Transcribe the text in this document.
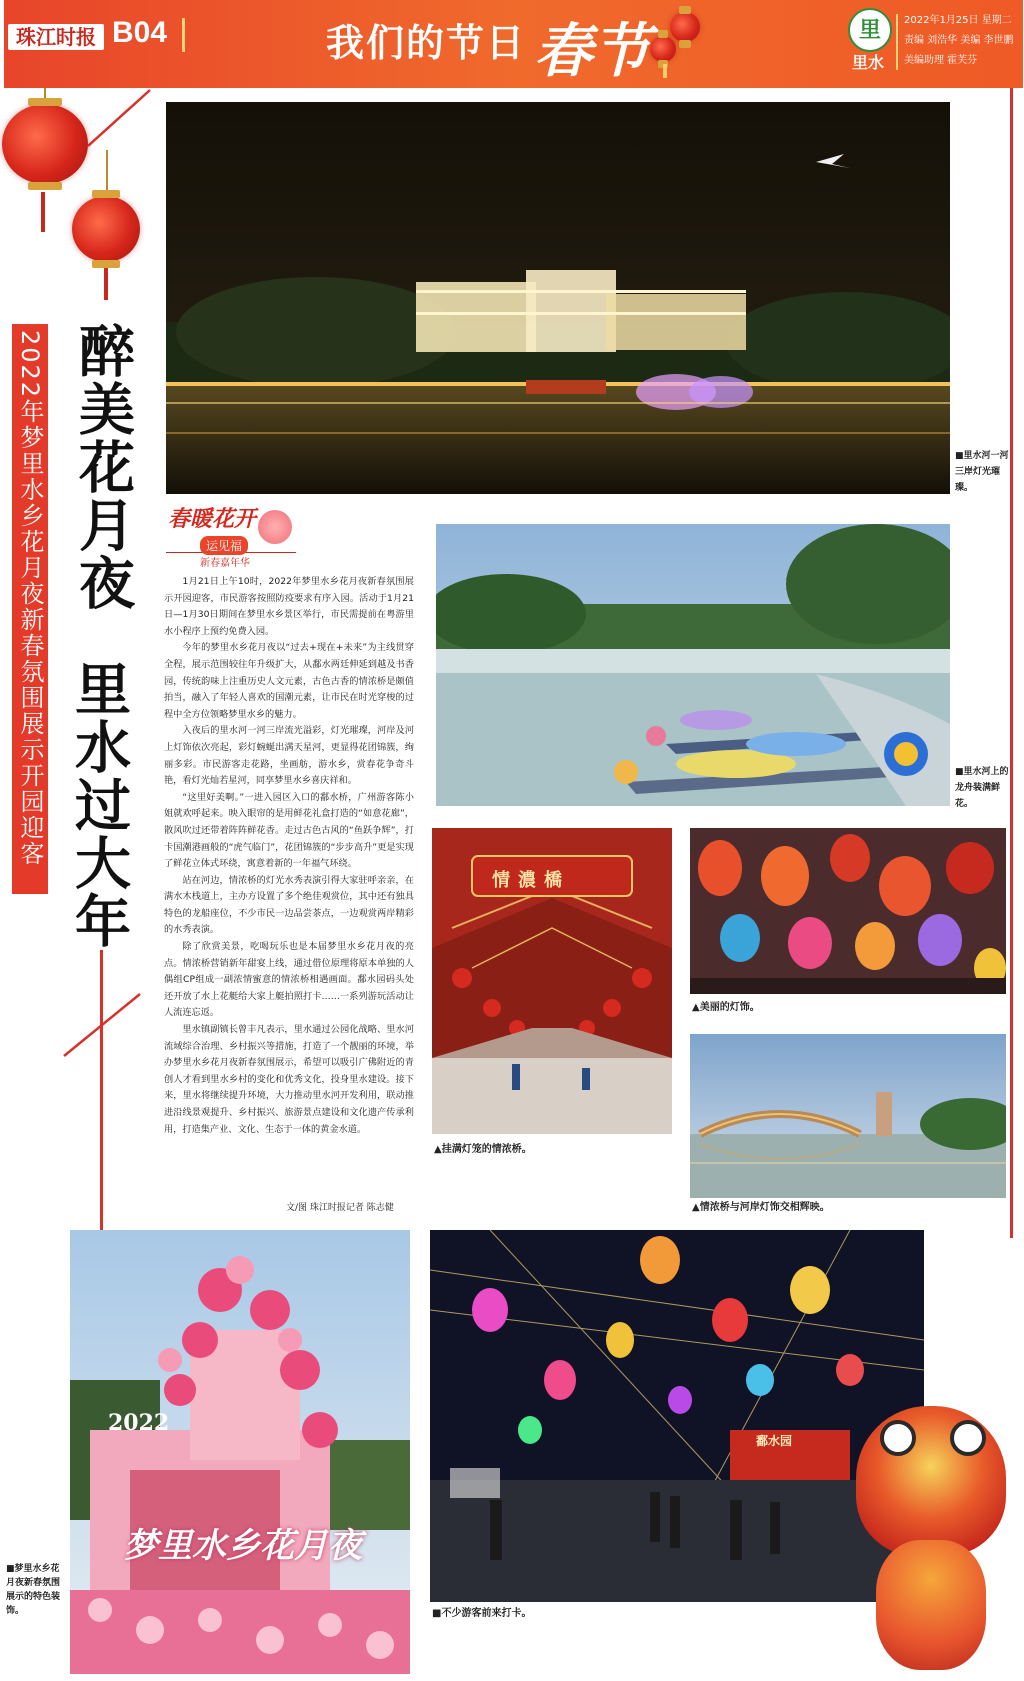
珠江时报 B04	我们的节日 春节	里
里水
2022年1月25日 星期二
责编 刘浩华 美编 李世鹏
美编助理 霍芙芬
2022年梦里水乡花月夜新春氛围展示开园迎客 醉美花月夜
里水过大年
■里水河一河三岸灯光璀璨。
春暖花开
运见福
新春嘉年华

1月21日上午10时，2022年梦里水乡花月夜新春氛围展示开园迎客，市民游客按照防疫要求有序入园。活动于1月21日—1月30日期间在梦里水乡景区举行，市民需提前在粤游里水小程序上预约免费入园。

今年的梦里水乡花月夜以“过去+现在+未来”为主线贯穿全程，展示范围较往年升级扩大，从鄱水两廷伸延到越及书香园，传统韵味上注重历史人文元素，古色古香的情浓桥是颇值拍当，融入了年轻人喜欢的国潮元素，让市民在时光穿梭的过程中全方位领略梦里水乡的魅力。

入夜后的里水河一河三岸流光溢彩，灯光璀璨，河岸及河上灯饰依次亮起，彩灯蜿蜒出满天星河，更显得花团锦簇，绚丽多彩。市民游客走花路，坐画舫，游水乡，赏春花争奇斗艳，看灯光灿若星河，同享梦里水乡喜庆祥和。

“这里好美啊。”一进入园区入口的鄱水桥，广州游客陈小姐就欢呼起来。映入眼帘的是用鲜花礼盒打造的“如意花廊”，散风吹过还带着阵阵鲜花香。走过古色古风的“鱼跃争辉”，打卡国潮港画般的“虎气临门”，花团锦簇的“步步高升”更是实现了鲜花立体式环绕，寓意着新的一年福气环绕。

站在河边，情浓桥的灯光水秀表演引得大家驻呼亲亲，在满水木栈道上，主办方设置了多个绝佳观赏位，其中还有独具特色的龙船座位，不少市民一边品尝茶点，一边观赏两岸精彩的水秀表演。

除了欣赏美景，吃喝玩乐也是本届梦里水乡花月夜的亮点。情浓桥营销新年甜宴上线，通过借位原理将原本单独的人偶组CP组成一副浓情蜜意的情浓桥相遇画面。鄱水园码头处还开放了水上花艇给大家上艇拍照打卡……一系列游玩活动让人流连忘返。

里水镇副镇长曾丰凡表示，里水通过公园化战略、里水河流域综合治理、乡村振兴等措施，打造了一个靓丽的环境，举办梦里水乡花月夜新春氛围展示，希望可以吸引广佛附近的青创人才看到里水乡村的变化和优秀文化，投身里水建设。接下来，里水将继续提升环境，大力推动里水河开发利用，联动推进沿线景观提升、乡村振兴、旅游景点建设和文化遗产传承利用，打造集产业、文化、生态于一体的黄金水道。

文/图 珠江时报记者 陈志健
■里水河上的龙舟装满鲜花。
情濃橋
▲挂满灯笼的情浓桥。
▲美丽的灯饰。
▲情浓桥与河岸灯饰交相辉映。
梦里水乡花月夜
2022
■梦里水乡花月夜新春氛围展示的特色装饰。
鄱水园
■不少游客前来打卡。
